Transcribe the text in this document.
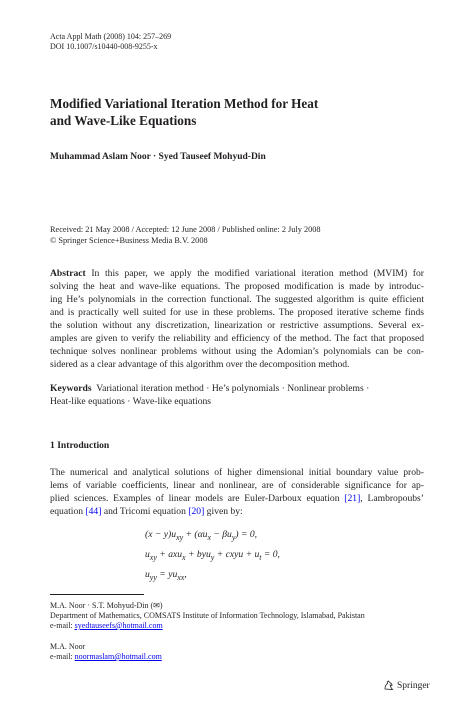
Acta Appl Math (2008) 104: 257–269
DOI 10.1007/s10440-008-9255-x
Modified Variational Iteration Method for Heat
and Wave-Like Equations
Muhammad Aslam Noor · Syed Tauseef Mohyud-Din
Received: 21 May 2008 / Accepted: 12 June 2008 / Published online: 2 July 2008
© Springer Science+Business Media B.V. 2008
Abstract In this paper, we apply the modified variational iteration method (MVIM) for
solving the heat and wave-like equations. The proposed modification is made by introduc-
ing He’s polynomials in the correction functional. The suggested algorithm is quite efficient
and is practically well suited for use in these problems. The proposed iterative scheme finds
the solution without any discretization, linearization or restrictive assumptions. Several ex-
amples are given to verify the reliability and efficiency of the method. The fact that proposed
technique solves nonlinear problems without using the Adomian’s polynomials can be con-
sidered as a clear advantage of this algorithm over the decomposition method.
Keywords Variational iteration method · He’s polynomials · Nonlinear problems ·
Heat-like equations · Wave-like equations
1 Introduction
The numerical and analytical solutions of higher dimensional initial boundary value prob-
lems of variable coefficients, linear and nonlinear, are of considerable significance for ap-
plied sciences. Examples of linear models are Euler-Darboux equation [21], Lambropoubs’
equation [44] and Tricomi equation [20] given by:
$(x - y)u_{xy} + (\alpha u_x - \beta u_y) = 0$,
$u_{xy} + axu_x + byu_y$ + cxyu + $u_t = 0$,
$u_{yy} = yu_{xx}$,
M.A. Noor · S.T. Mohyud-Din (✉)
Department of Mathematics, COMSATS Institute of Information Technology, Islamabad, Pakistan
e-mail: syedtauseefs@hotmail.com
M.A. Noor
e-mail: noormaslam@hotmail.com
Springer
